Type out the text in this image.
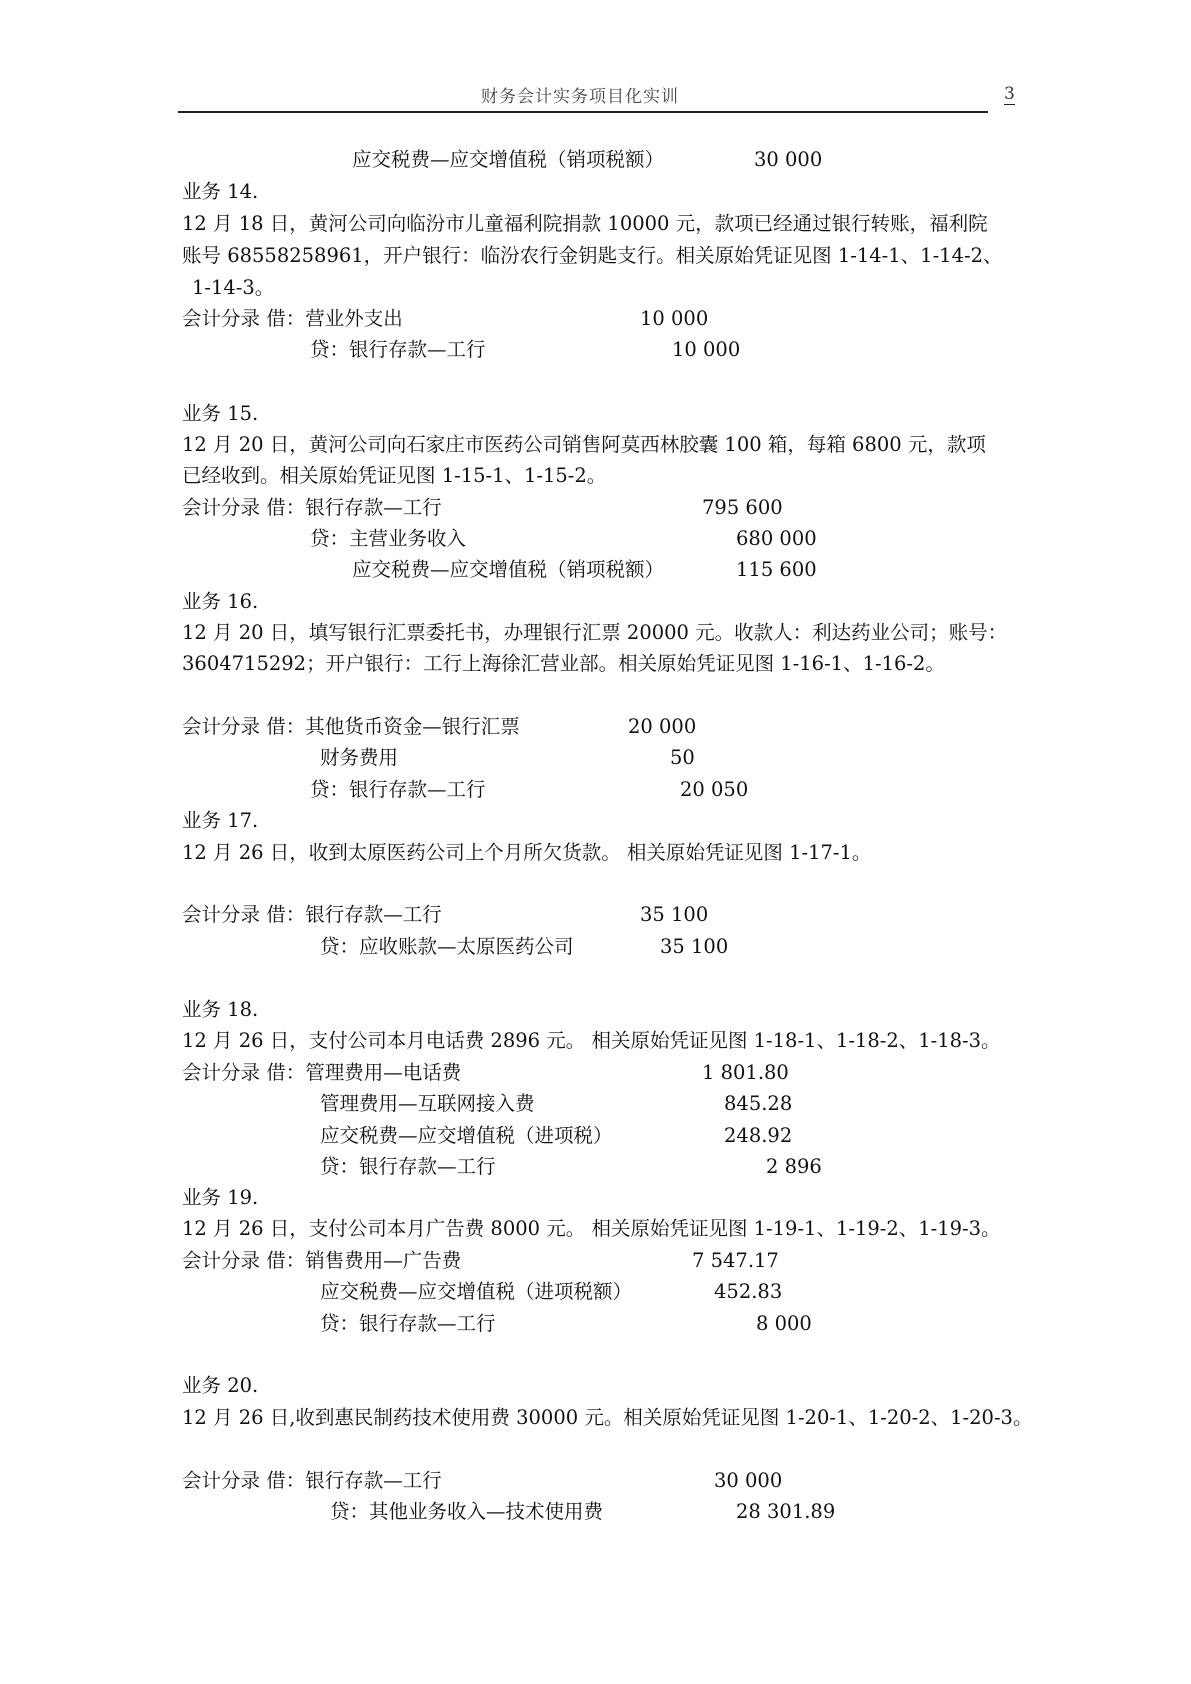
财务会计实务项目化实训	3
应交税费—应交增值税（销项税额）	30 000
业务 14.
12 月 18 日，黄河公司向临汾市儿童福利院捐款 10000 元，款项已经通过银行转账，福利院
账号 68558258961，开户银行：临汾农行金钥匙支行。相关原始凭证见图 1-14-1、1-14-2、
1-14-3。
会计分录 借：营业外支出	10 000
贷：银行存款—工行	10 000
业务 15.
12 月 20 日，黄河公司向石家庄市医药公司销售阿莫西林胶囊 100 箱，每箱 6800 元，款项
已经收到。相关原始凭证见图 1-15-1、1-15-2。
会计分录 借：银行存款—工行	795 600
贷：主营业务收入	680 000
应交税费—应交增值税（销项税额）	115 600
业务 16.
12 月 20 日，填写银行汇票委托书，办理银行汇票 20000 元。收款人：利达药业公司；账号：
3604715292；开户银行：工行上海徐汇营业部。相关原始凭证见图 1-16-1、1-16-2。
会计分录 借：其他货币资金—银行汇票	20 000
财务费用	50
贷：银行存款—工行	20 050
业务 17.
12 月 26 日，收到太原医药公司上个月所欠货款。 相关原始凭证见图 1-17-1。
会计分录 借：银行存款—工行	35 100
贷：应收账款—太原医药公司	35 100
业务 18.
12 月 26 日，支付公司本月电话费 2896 元。 相关原始凭证见图 1-18-1、1-18-2、1-18-3。
会计分录 借：管理费用—电话费	1 801.80
管理费用—互联网接入费	845.28
应交税费—应交增值税（进项税）	248.92
贷：银行存款—工行	2 896
业务 19.
12 月 26 日，支付公司本月广告费 8000 元。 相关原始凭证见图 1-19-1、1-19-2、1-19-3。
会计分录 借：销售费用—广告费	7 547.17
应交税费—应交增值税（进项税额）	452.83
贷：银行存款—工行	8 000
业务 20.
12 月 26 日,收到惠民制药技术使用费 30000 元。相关原始凭证见图 1-20-1、1-20-2、1-20-3。
会计分录 借：银行存款—工行	30 000
贷：其他业务收入—技术使用费	28 301.89
